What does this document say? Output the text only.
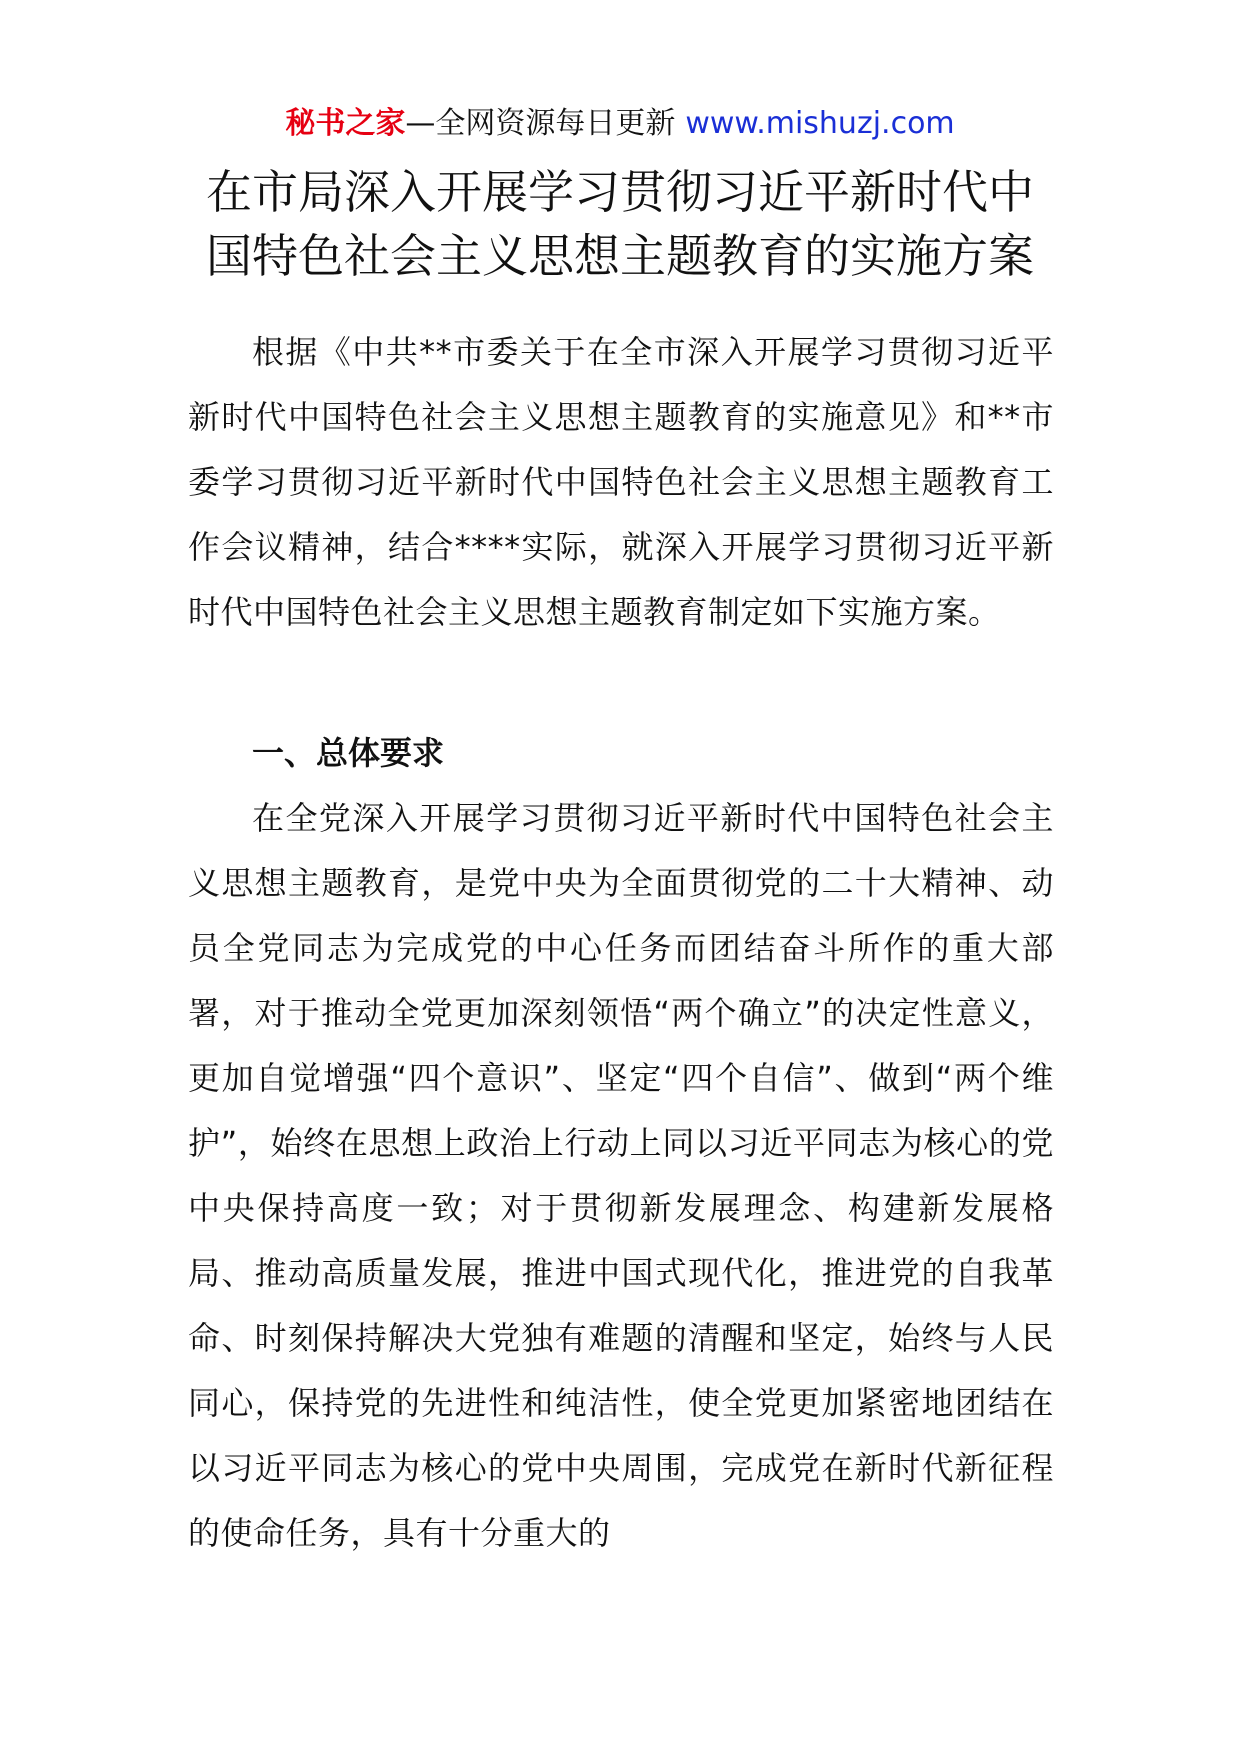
秘书之家—全网资源每日更新 www.mishuzj.com
在市局深入开展学习贯彻习近平新时代中
国特色社会主义思想主题教育的实施方案

根据《中共**市委关于在全市深入开展学习贯彻习近平新时代中国特色社会主义思想主题教育的实施意见》和**市委学习贯彻习近平新时代中国特色社会主义思想主题教育工作会议精神，结合****实际，就深入开展学习贯彻习近平新时代中国特色社会主义思想主题教育制定如下实施方案。

一、总体要求

在全党深入开展学习贯彻习近平新时代中国特色社会主义思想主题教育，是党中央为全面贯彻党的二十大精神、动员全党同志为完成党的中心任务而团结奋斗所作的重大部署，对于推动全党更加深刻领悟“两个确立”的决定性意义，更加自觉增强“四个意识”、坚定“四个自信”、做到“两个维护”，始终在思想上政治上行动上同以习近平同志为核心的党中央保持高度一致；对于贯彻新发展理念、构建新发展格局、推动高质量发展，推进中国式现代化，推进党的自我革命、时刻保持解决大党独有难题的清醒和坚定，始终与人民同心，保持党的先进性和纯洁性，使全党更加紧密地团结在以习近平同志为核心的党中央周围，完成党在新时代新征程的使命任务，具有十分重大的
